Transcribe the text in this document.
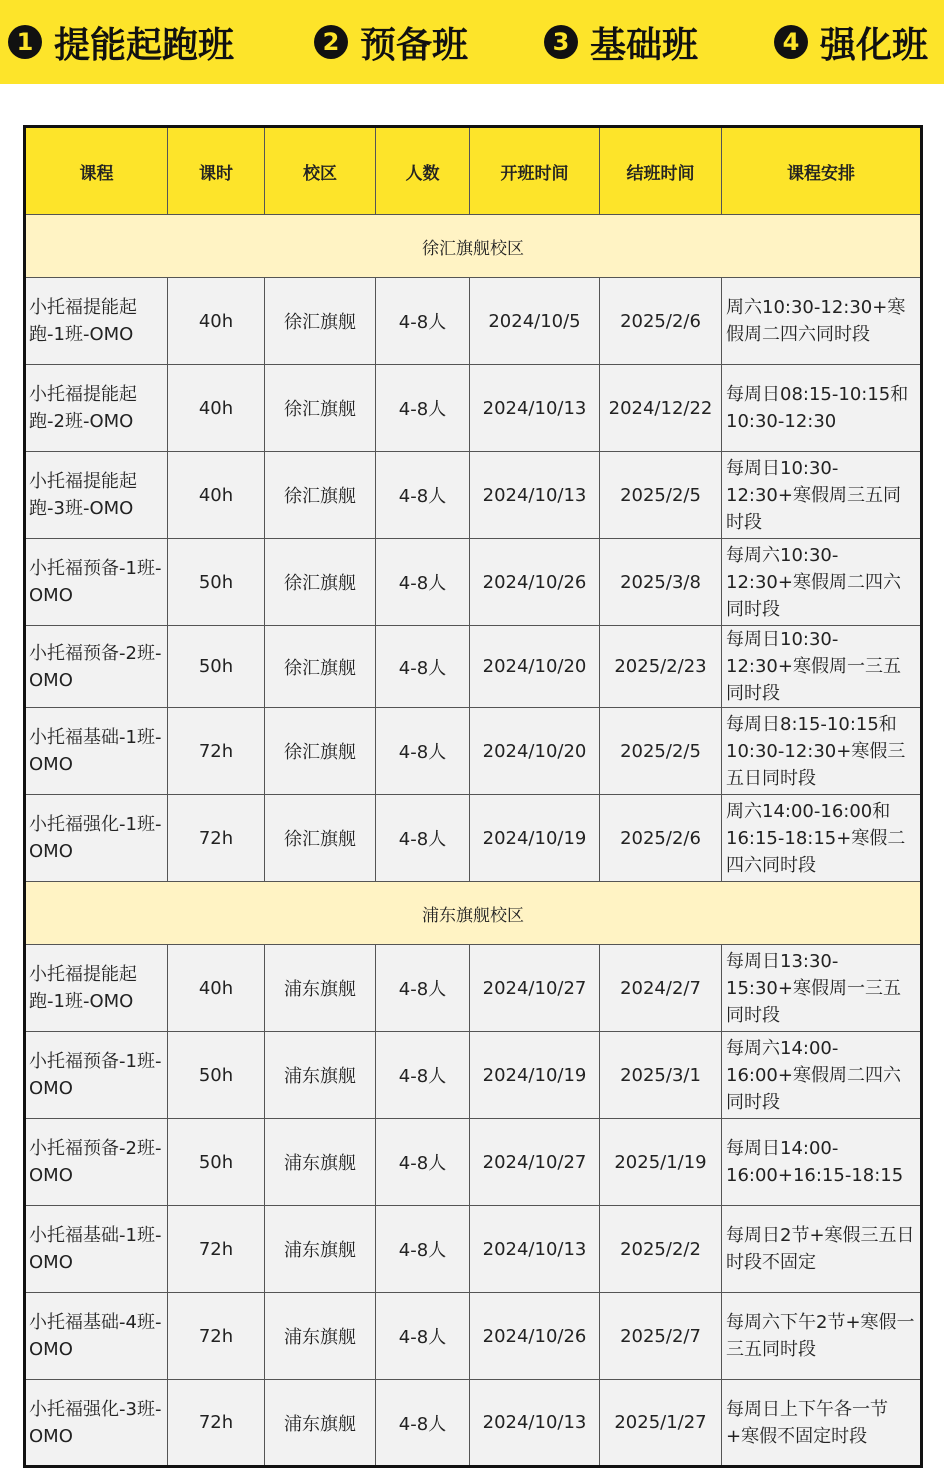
1 提能起跑班	2 预备班	3 基础班	4 强化班
课程	课时	校区	人数	开班时间	结班时间	课程安排
徐汇旗舰校区						
小托福提能起跑-1班-OMO	40h	徐汇旗舰	4-8人	2024/10/5	2025/2/6	周六10:30-12:30+寒假周二四六同时段
小托福提能起跑-2班-OMO	40h	徐汇旗舰	4-8人	2024/10/13	2024/12/22	每周日08:15-10:15和10:30-12:30
小托福提能起跑-3班-OMO	40h	徐汇旗舰	4-8人	2024/10/13	2025/2/5	每周日10:30-12:30+寒假周三五同时段
小托福预备-1班-OMO	50h	徐汇旗舰	4-8人	2024/10/26	2025/3/8	每周六10:30-12:30+寒假周二四六同时段
小托福预备-2班-OMO	50h	徐汇旗舰	4-8人	2024/10/20	2025/2/23	每周日10:30-12:30+寒假周一三五同时段
小托福基础-1班-OMO	72h	徐汇旗舰	4-8人	2024/10/20	2025/2/5	每周日8:15-10:15和10:30-12:30+寒假三五日同时段
小托福强化-1班-OMO	72h	徐汇旗舰	4-8人	2024/10/19	2025/2/6	周六14:00-16:00和16:15-18:15+寒假二四六同时段
浦东旗舰校区						
小托福提能起跑-1班-OMO	40h	浦东旗舰	4-8人	2024/10/27	2024/2/7	每周日13:30-15:30+寒假周一三五同时段
小托福预备-1班-OMO	50h	浦东旗舰	4-8人	2024/10/19	2025/3/1	每周六14:00-16:00+寒假周二四六同时段
小托福预备-2班-OMO	50h	浦东旗舰	4-8人	2024/10/27	2025/1/19	每周日14:00-16:00+16:15-18:15
小托福基础-1班-OMO	72h	浦东旗舰	4-8人	2024/10/13	2025/2/2	每周日2节+寒假三五日时段不固定
小托福基础-4班-OMO	72h	浦东旗舰	4-8人	2024/10/26	2025/2/7	每周六下午2节+寒假一三五同时段
小托福强化-3班-OMO	72h	浦东旗舰	4-8人	2024/10/13	2025/1/27	每周日上下午各一节+寒假不固定时段
